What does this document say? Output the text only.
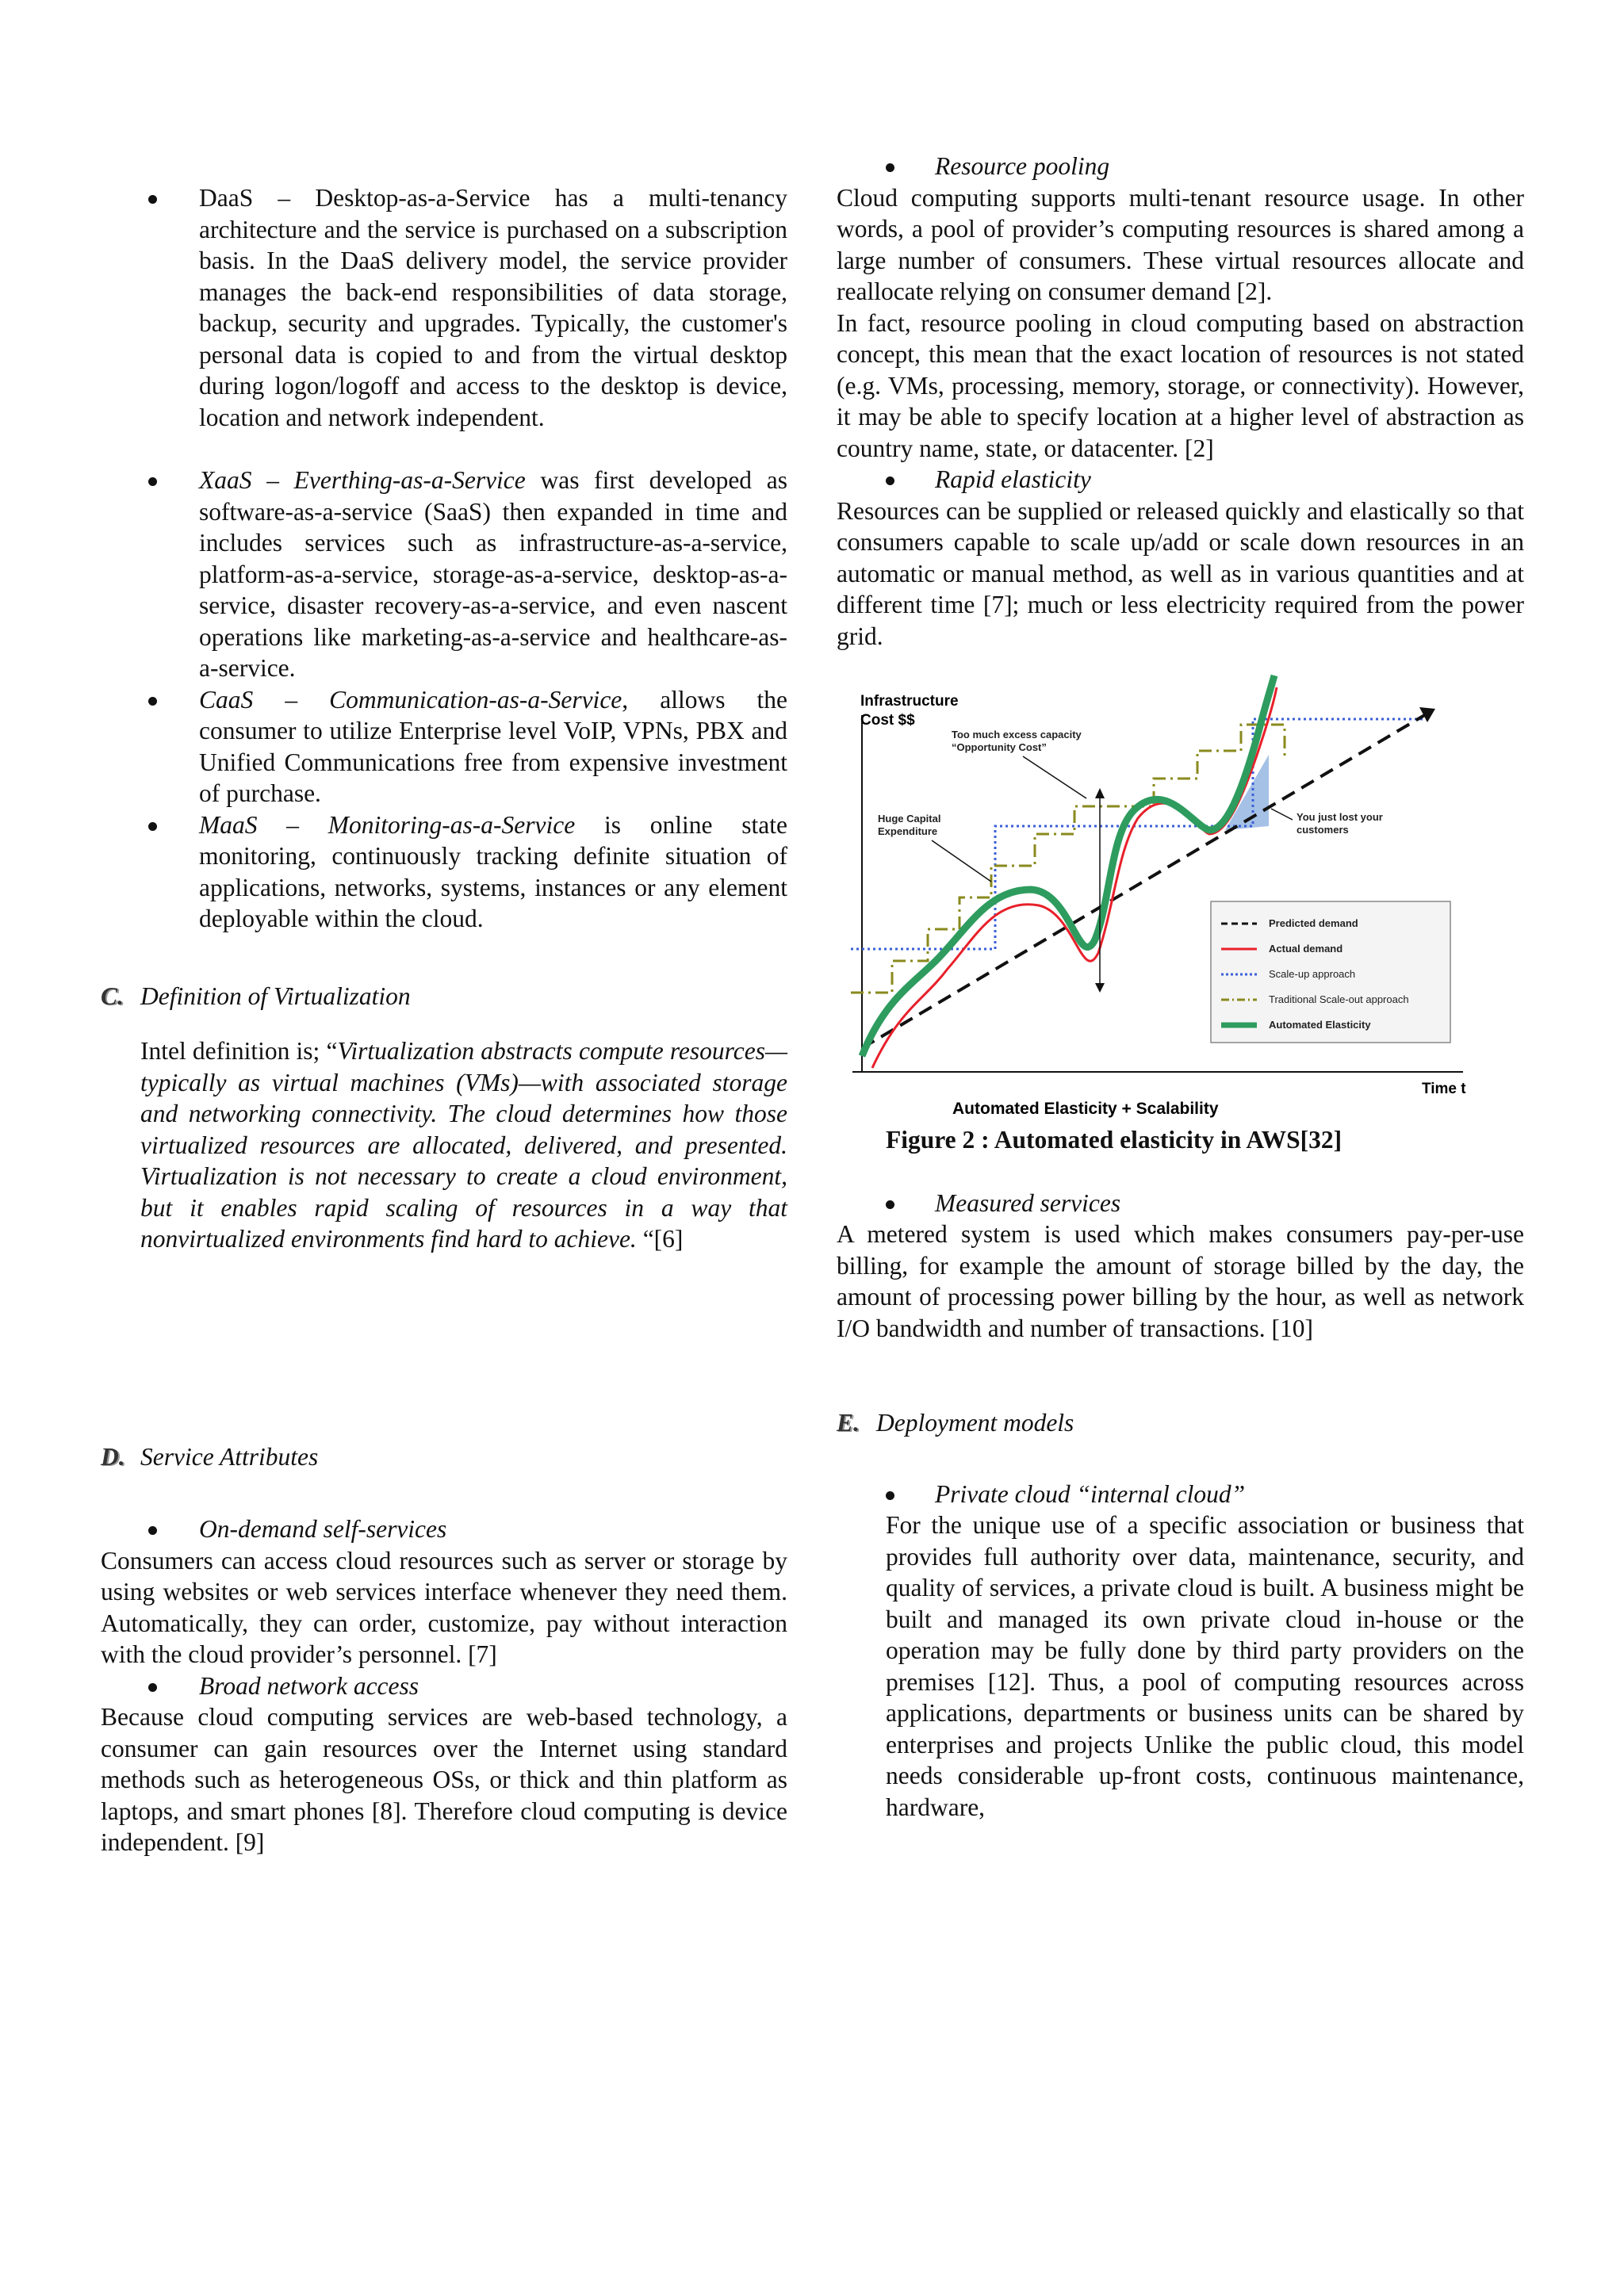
DaaS – Desktop-as-a-Service has a multi-tenancy architecture and the service is purchased on a subscription basis. In the DaaS delivery model, the service provider manages the back-end responsibilities of data storage, backup, security and upgrades. Typically, the customer's personal data is copied to and from the virtual desktop during logon/logoff and access to the desktop is device, location and network independent.
XaaS – Everthing-as-a-Service was first developed as software-as-a-service (SaaS) then expanded in time and includes services such as infrastructure-as-a-service, platform-as-a-service, storage-as-a-service, desktop-as-a-service, disaster recovery-as-a-service, and even nascent operations like marketing-as-a-service and healthcare-as-a-service.
CaaS – Communication-as-a-Service, allows the consumer to utilize Enterprise level VoIP, VPNs, PBX and Unified Communications free from expensive investment of purchase.
MaaS – Monitoring-as-a-Service is online state monitoring, continuously tracking definite situation of applications, networks, systems, instances or any element deployable within the cloud.
C. Definition of Virtualization

Intel definition is; “Virtualization abstracts compute resources—typically as virtual machines (VMs)—with associated storage and networking connectivity. The cloud determines how those virtualized resources are allocated, delivered, and presented. Virtualization is not necessary to create a cloud environment, but it enables rapid scaling of resources in a way that nonvirtualized environments find hard to achieve. “[6]

D. Service Attributes
On-demand self-services

Consumers can access cloud resources such as server or storage by using websites or web services interface whenever they need them. Automatically, they can order, customize, pay without interaction with the cloud provider’s personnel. [7]

Broad network access

Because cloud computing services are web-based technology, a consumer can gain resources over the Internet using standard methods such as heterogeneous OSs, or thick and thin platform as laptops, and smart phones [8]. Therefore cloud computing is device independent. [9]

Resource pooling

Cloud computing supports multi-tenant resource usage. In other words, a pool of provider’s computing resources is shared among a large number of consumers. These virtual resources allocate and reallocate relying on consumer demand [2].

In fact, resource pooling in cloud computing based on abstraction concept, this mean that the exact location of resources is not stated (e.g. VMs, processing, memory, storage, or connectivity). However, it may be able to specify location at a higher level of abstraction as country name, state, or datacenter. [2]

Rapid elasticity

Resources can be supplied or released quickly and elastically so that consumers capable to scale up/add or scale down resources in an automatic or manual method, as well as in various quantities and at different time [7]; much or less electricity required from the power grid.

Infrastructure
Cost $$
Time t
Automated Elasticity + Scalability
Too much excess capacity
“Opportunity Cost”
Huge Capital
Expenditure
You just lost your
customers
Predicted demand
Actual demand
Scale-up approach
Traditional Scale-out approach
Automated Elasticity

Figure 2 : Automated elasticity in AWS[32]

Measured services

A metered system is used which makes consumers pay-per-use billing, for example the amount of storage billed by the day, the amount of processing power billing by the hour, as well as network I/O bandwidth and number of transactions. [10]

E. Deployment models
Private cloud “internal cloud”

For the unique use of a specific association or business that provides full authority over data, maintenance, security, and quality of services, a private cloud is built. A business might be built and managed its own private cloud in-house or the operation may be fully done by third party providers on the premises [12]. Thus, a pool of computing resources across applications, departments or business units can be shared by enterprises and projects Unlike the public cloud, this model needs considerable up-front costs, continuous maintenance, hardware,
